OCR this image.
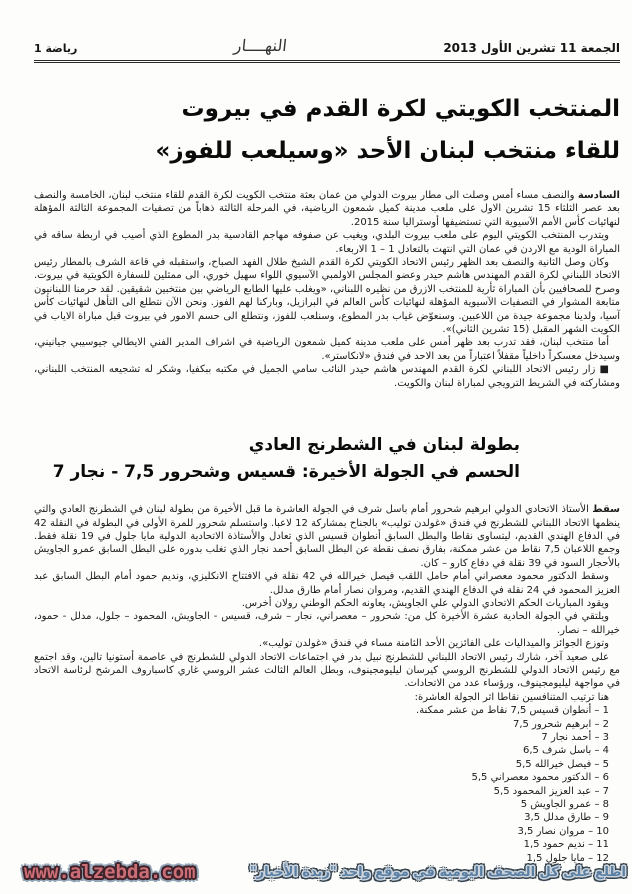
الجمعة 11 تشرين الأول 2013
النهــــار
رياضة 1
المنتخب الكويتي لكرة القدم في بيروت
للقاء منتخب لبنان الأحد «وسيلعب للفوز»

السادسة والنصف مساء أمس وصلت الى مطار بيروت الدولي من عمان بعثة منتخب الكويت لكرة القدم للقاء منتخب لبنان، الخامسة والنصف بعد عصر الثلثاء 15 تشرين الاول على ملعب مدينة كميل شمعون الرياضية، في المرحلة الثالثة ذهاباً من تصفيات المجموعة الثالثة المؤهلة لنهائيات كأس الأمم الآسيوية التي تستضيفها أوستراليا سنة 2015.

ويتدرب المنتخب الكويتي اليوم على ملعب بيروت البلدي، ويغيب عن صفوفه مهاجم القادسية بدر المطوع الذي أصيب في اربطة ساقه في المباراة الودية مع الاردن في عمان التي انتهت بالتعادل 1 – 1 الاربعاء.

وكان وصل الثانية والنصف بعد الظهر رئيس الاتحاد الكويتي لكرة القدم الشيخ طلال الفهد الصباح، واستقبله في قاعة الشرف بالمطار رئيس الاتحاد اللبناني لكرة القدم المهندس هاشم حيدر وعضو المجلس الاولمبي الآسيوي اللواء سهيل خوري، الى ممثلين للسفارة الكويتية في بيروت. وصرح للصحافيين بأن المباراة ثأرية للمنتخب الازرق من نظيره اللبناني، «ويغلب عليها الطابع الرياضي بين منتخبين شقيقين. لقد حرمنا اللبنانيون متابعة المشوار في التصفيات الآسيوية المؤهلة لنهائيات كأس العالم في البرازيل، وباركنا لهم الفوز. ونحن الآن نتطلع الى التأهل لنهائيات كأس آسيا، ولدينا مجموعة جيدة من اللاعبين. وسنعوّض غياب بدر المطوع، وسنلعب للفوز، ونتطلع الى حسم الامور في بيروت قبل مباراة الاياب في الكويت الشهر المقبل (15 تشرين الثاني)».

أما منتخب لبنان، فقد تدرب بعد ظهر أمس على ملعب مدينة كميل شمعون الرياضية في اشراف المدير الفني الايطالي جيوسيبي جيانيني، وسيدخل معسكراً داخلياً مقفلاً اعتباراً من بعد الاحد في فندق «لانكاستر».

■ زار رئيس الاتحاد اللبناني لكرة القدم المهندس هاشم حيدر النائب سامي الجميل في مكتبه ببكفيا، وشكر له تشجيعه المنتخب اللبناني، ومشاركته في الشريط الترويجي لمباراة لبنان والكويت.

بطولة لبنان في الشطرنج العادي
الحسم في الجولة الأخيرة: قسيس وشحرور 7,5 - نجار 7

سقط الأستاذ الاتحادي الدولي ابرهيم شحرور أمام باسل شرف في الجولة العاشرة ما قبل الأخيرة من بطولة لبنان في الشطرنج العادي والتي ينظمها الاتحاد اللبناني للشطرنج في فندق «غولدن توليب» بالجناح بمشاركة 12 لاعبا. واستسلم شحرور للمرة الأولى في البطولة في النقلة 42 في الدفاع الهندي القديم، ليتساوى نقاطا والبطل السابق أنطوان قسيس الذي تعادل والأستاذة الاتحادية الدولية مايا جلول في 19 نقلة فقط. وجمع اللاعبان 7,5 نقاط من عشر ممكنة، بفارق نصف نقطة عن البطل السابق أحمد نجار الذي تغلب بدوره على البطل السابق عمرو الجاويش بالأحجار السود في 39 نقلة في دفاع كارو – كان.

وسقط الدكتور محمود معصراني أمام حامل اللقب فيصل خيرالله في 42 نقلة في الافتتاح الانكليزي، ونديم حمود أمام البطل السابق عبد العزيز المحمود في 24 نقلة في الدفاع الهندي القديم، ومروان نصار أمام طارق مدلل.

ويقود المباريات الحكم الاتحادي الدولي علي الجاويش، يعاونه الحكم الوطني رولان أخرس.

ويلتقي في الجولة الحادية عشرة الأخيرة كل من: شحرور – معصراني، نجار – شرف، قسيس - الجاويش، المحمود – جلول، مدلل - حمود، خيرالله – نصار.

وتوزع الجوائز والميداليات على الفائزين الأحد الثامنة مساء في فندق «غولدن توليب».

على صعيد آخر، شارك رئيس الاتحاد اللبناني للشطرنج نبيل بدر في اجتماعات الاتحاد الدولي للشطرنج في عاصمة أستونيا تالين، وقد اجتمع مع رئيس الاتحاد الدولي للشطرنج الروسي كيرسان ليليومجينوف، وبطل العالم الثالث عشر الروسي غاري كاسباروف المرشح لرئاسة الاتحاد في مواجهة ليليومجينوف، ورؤساء عدد من الاتحادات.

هنا ترتيب المتنافسين نقاطا اثر الجولة العاشرة:

1 – أنطوان قسيس 7,5 نقاط من عشر ممكنة.

2 – ابرهيم شحرور 7,5

3 – أحمد نجار 7

4 – باسل شرف 6,5

5 – فيصل خيرالله 5,5

6 – الدكتور محمود معصراني 5,5

7 – عبد العزيز المحمود 5,5

8 – عمرو الجاويش 5

9 – طارق مدلل 3,5

10 – مروان نصار 3,5

11 – نديم حمود 1,5

12 – مايا جلول 1,5

اطلع على كل الصحف اليومية في موقع واحد "زبدة الأخبار"
www.alzebda.com
